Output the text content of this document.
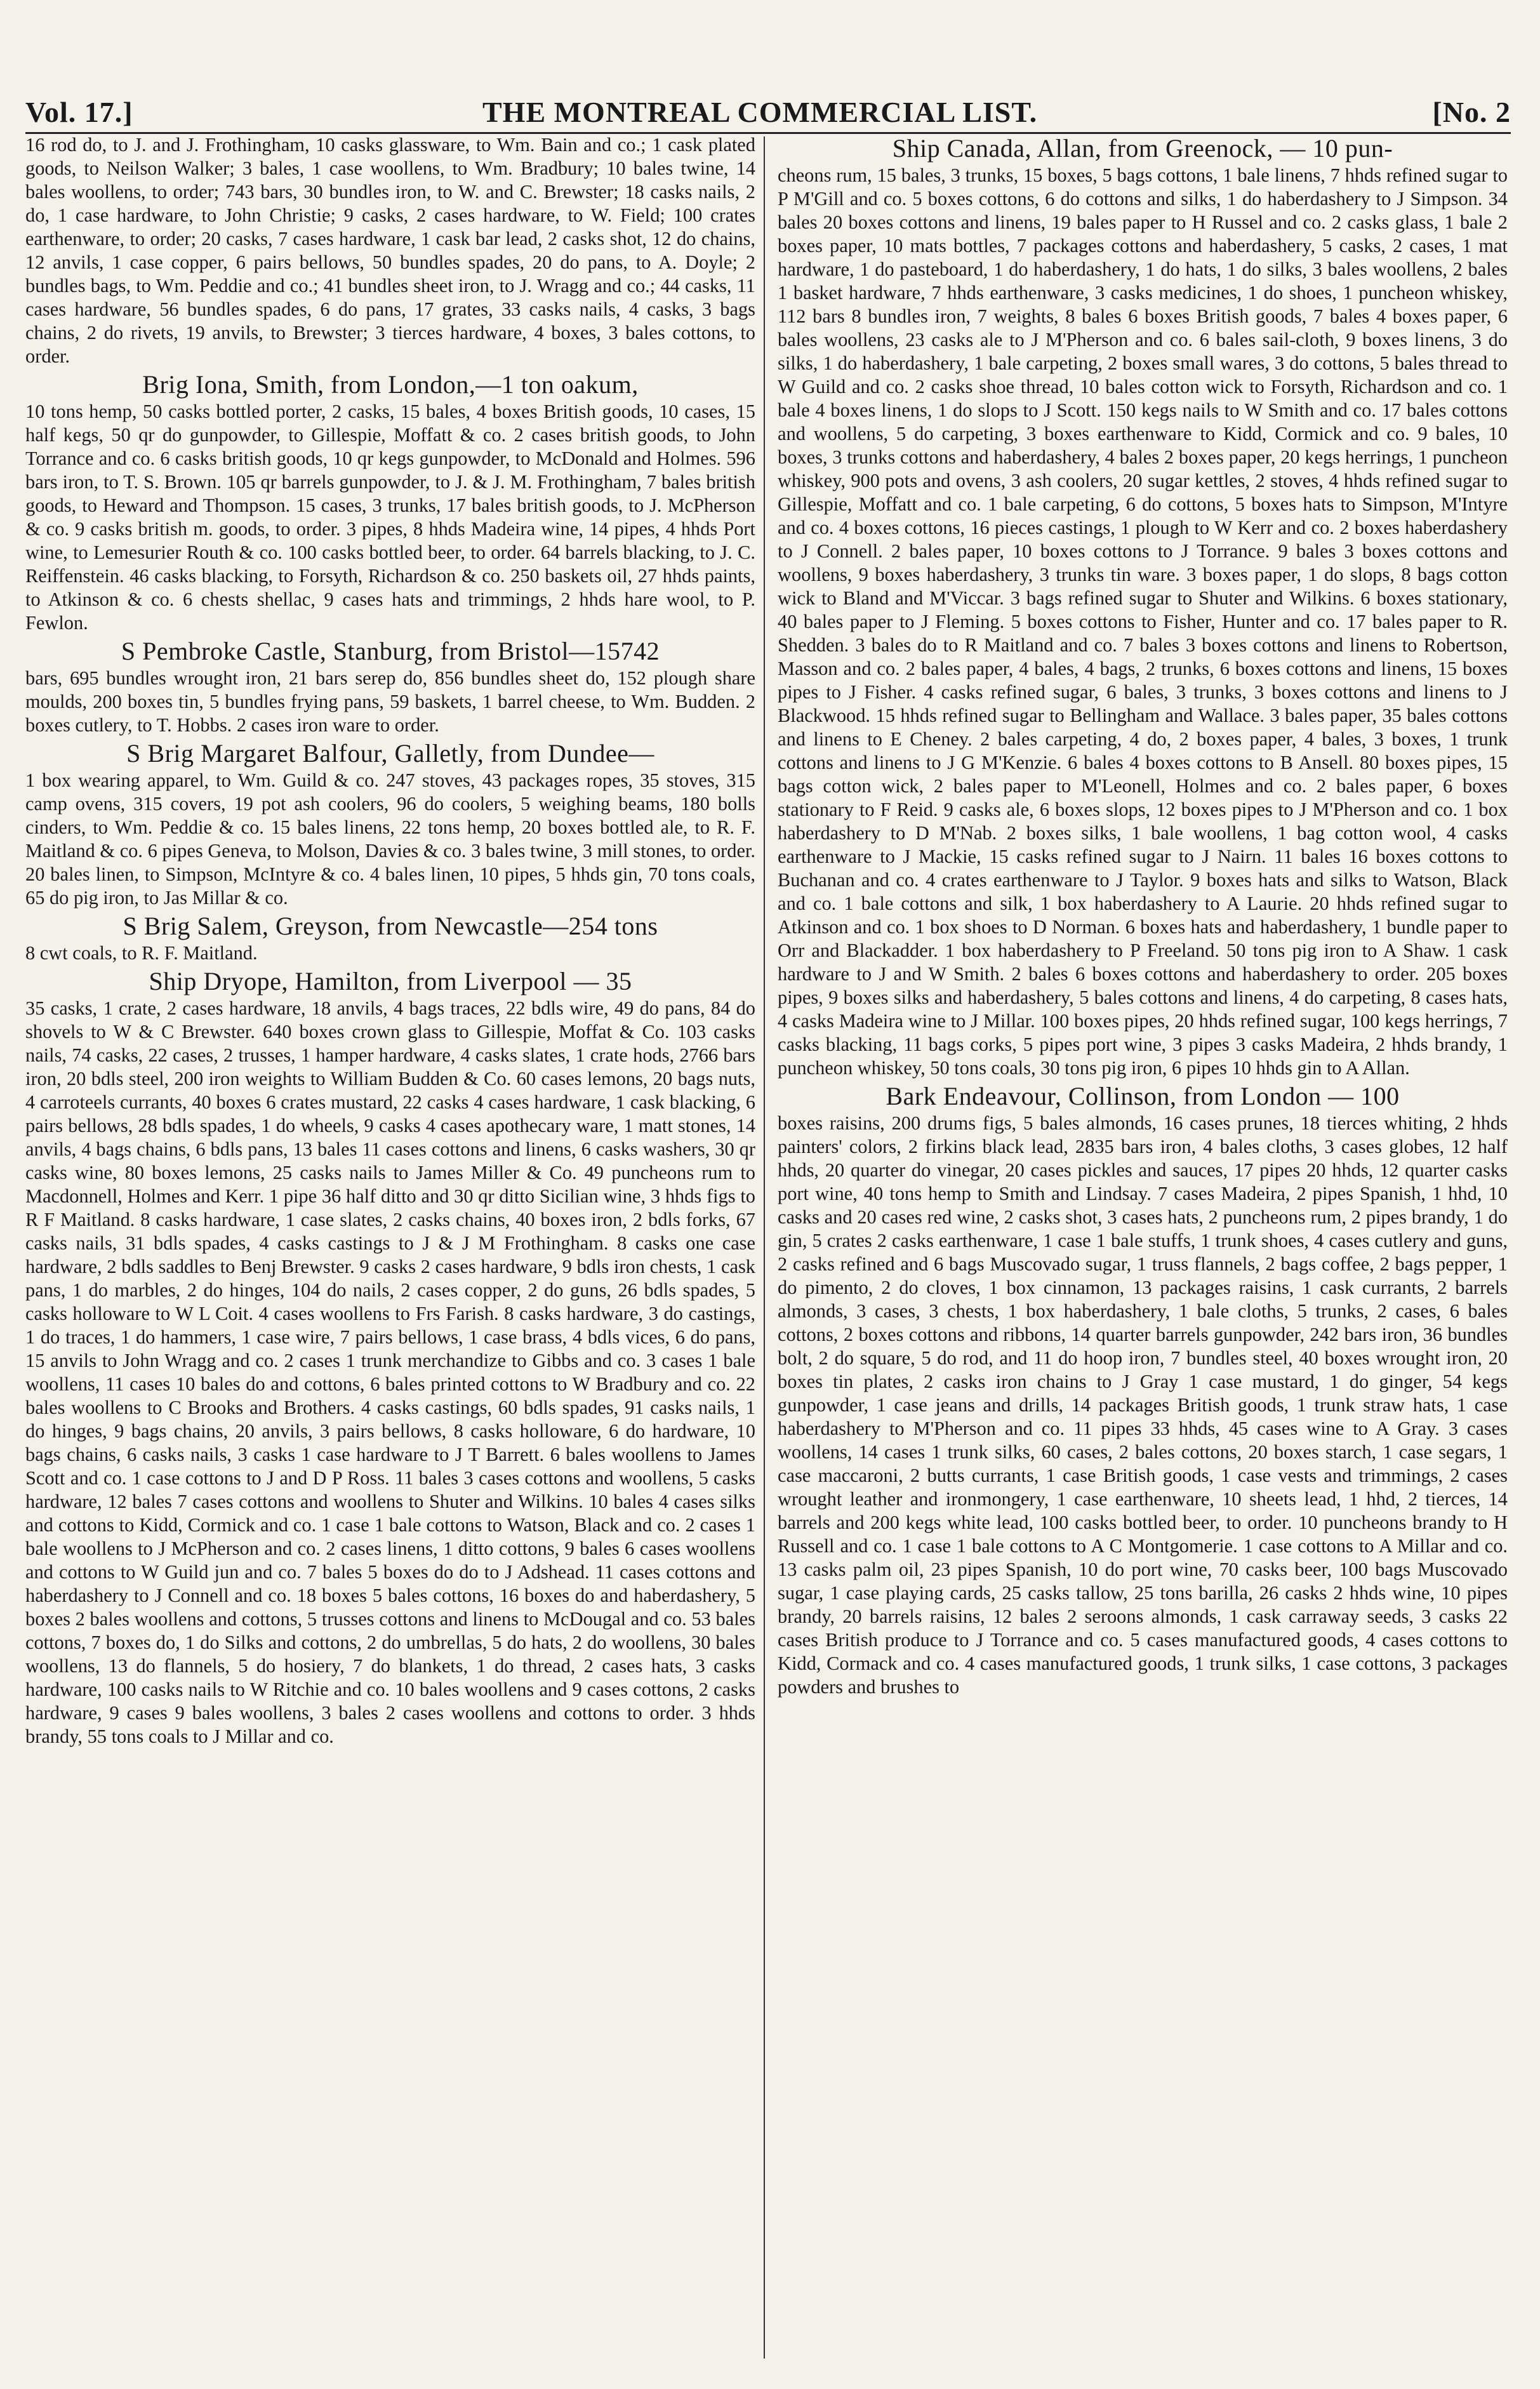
Vol. 17.]	THE MONTREAL COMMERCIAL LIST.	[No. 2

16 rod do, to J. and J. Frothingham, 10 casks glassware, to Wm. Bain and co.; 1 cask plated goods, to Neilson Walker; 3 bales, 1 case woollens, to Wm. Bradbury; 10 bales twine, 14 bales woollens, to order; 743 bars, 30 bundles iron, to W. and C. Brewster; 18 casks nails, 2 do, 1 case hardware, to John Christie; 9 casks, 2 cases hardware, to W. Field; 100 crates earthenware, to order; 20 casks, 7 cases hardware, 1 cask bar lead, 2 casks shot, 12 do chains, 12 anvils, 1 case copper, 6 pairs bellows, 50 bundles spades, 20 do pans, to A. Doyle; 2 bundles bags, to Wm. Peddie and co.; 41 bundles sheet iron, to J. Wragg and co.; 44 casks, 11 cases hardware, 56 bundles spades, 6 do pans, 17 grates, 33 casks nails, 4 casks, 3 bags chains, 2 do rivets, 19 anvils, to Brewster; 3 tierces hardware, 4 boxes, 3 bales cottons, to order.

Brig Iona, Smith, from London,—1 ton oakum,

10 tons hemp, 50 casks bottled porter, 2 casks, 15 bales, 4 boxes British goods, 10 cases, 15 half kegs, 50 qr do gunpowder, to Gillespie, Moffatt & co. 2 cases british goods, to John Torrance and co. 6 casks british goods, 10 qr kegs gunpowder, to McDonald and Holmes. 596 bars iron, to T. S. Brown. 105 qr barrels gunpowder, to J. & J. M. Frothingham, 7 bales british goods, to Heward and Thompson. 15 cases, 3 trunks, 17 bales british goods, to J. McPherson & co. 9 casks british m. goods, to order. 3 pipes, 8 hhds Madeira wine, 14 pipes, 4 hhds Port wine, to Lemesurier Routh & co. 100 casks bottled beer, to order. 64 barrels blacking, to J. C. Reiffenstein. 46 casks blacking, to Forsyth, Richardson & co. 250 baskets oil, 27 hhds paints, to Atkinson & co. 6 chests shellac, 9 cases hats and trimmings, 2 hhds hare wool, to P. Fewlon.

S Pembroke Castle, Stanburg, from Bristol—15742

bars, 695 bundles wrought iron, 21 bars serep do, 856 bundles sheet do, 152 plough share moulds, 200 boxes tin, 5 bundles frying pans, 59 baskets, 1 barrel cheese, to Wm. Budden. 2 boxes cutlery, to T. Hobbs. 2 cases iron ware to order.

S Brig Margaret Balfour, Galletly, from Dundee—

1 box wearing apparel, to Wm. Guild & co. 247 stoves, 43 packages ropes, 35 stoves, 315 camp ovens, 315 covers, 19 pot ash coolers, 96 do coolers, 5 weighing beams, 180 bolls cinders, to Wm. Peddie & co. 15 bales linens, 22 tons hemp, 20 boxes bottled ale, to R. F. Maitland & co. 6 pipes Geneva, to Molson, Davies & co. 3 bales twine, 3 mill stones, to order. 20 bales linen, to Simpson, McIntyre & co. 4 bales linen, 10 pipes, 5 hhds gin, 70 tons coals, 65 do pig iron, to Jas Millar & co.

S Brig Salem, Greyson, from Newcastle—254 tons

8 cwt coals, to R. F. Maitland.

Ship Dryope, Hamilton, from Liverpool — 35

35 casks, 1 crate, 2 cases hardware, 18 anvils, 4 bags traces, 22 bdls wire, 49 do pans, 84 do shovels to W & C Brewster. 640 boxes crown glass to Gillespie, Moffat & Co. 103 casks nails, 74 casks, 22 cases, 2 trusses, 1 hamper hardware, 4 casks slates, 1 crate hods, 2766 bars iron, 20 bdls steel, 200 iron weights to William Budden & Co. 60 cases lemons, 20 bags nuts, 4 carroteels currants, 40 boxes 6 crates mustard, 22 casks 4 cases hardware, 1 cask blacking, 6 pairs bellows, 28 bdls spades, 1 do wheels, 9 casks 4 cases apothecary ware, 1 matt stones, 14 anvils, 4 bags chains, 6 bdls pans, 13 bales 11 cases cottons and linens, 6 casks washers, 30 qr casks wine, 80 boxes lemons, 25 casks nails to James Miller & Co. 49 puncheons rum to Macdonnell, Holmes and Kerr. 1 pipe 36 half ditto and 30 qr ditto Sicilian wine, 3 hhds figs to R F Maitland. 8 casks hardware, 1 case slates, 2 casks chains, 40 boxes iron, 2 bdls forks, 67 casks nails, 31 bdls spades, 4 casks castings to J & J M Frothingham. 8 casks one case hardware, 2 bdls saddles to Benj Brewster. 9 casks 2 cases hardware, 9 bdls iron chests, 1 cask pans, 1 do marbles, 2 do hinges, 104 do nails, 2 cases copper, 2 do guns, 26 bdls spades, 5 casks holloware to W L Coit. 4 cases woollens to Frs Farish. 8 casks hardware, 3 do castings, 1 do traces, 1 do hammers, 1 case wire, 7 pairs bellows, 1 case brass, 4 bdls vices, 6 do pans, 15 anvils to John Wragg and co. 2 cases 1 trunk merchandize to Gibbs and co. 3 cases 1 bale woollens, 11 cases 10 bales do and cottons, 6 bales printed cottons to W Bradbury and co. 22 bales woollens to C Brooks and Brothers. 4 casks castings, 60 bdls spades, 91 casks nails, 1 do hinges, 9 bags chains, 20 anvils, 3 pairs bellows, 8 casks holloware, 6 do hardware, 10 bags chains, 6 casks nails, 3 casks 1 case hardware to J T Barrett. 6 bales woollens to James Scott and co. 1 case cottons to J and D P Ross. 11 bales 3 cases cottons and woollens, 5 casks hardware, 12 bales 7 cases cottons and woollens to Shuter and Wilkins. 10 bales 4 cases silks and cottons to Kidd, Cormick and co. 1 case 1 bale cottons to Watson, Black and co. 2 cases 1 bale woollens to J McPherson and co. 2 cases linens, 1 ditto cottons, 9 bales 6 cases woollens and cottons to W Guild jun and co. 7 bales 5 boxes do do to J Adshead. 11 cases cottons and haberdashery to J Connell and co. 18 boxes 5 bales cottons, 16 boxes do and haberdashery, 5 boxes 2 bales woollens and cottons, 5 trusses cottons and linens to McDougal and co. 53 bales cottons, 7 boxes do, 1 do Silks and cottons, 2 do umbrellas, 5 do hats, 2 do woollens, 30 bales woollens, 13 do flannels, 5 do hosiery, 7 do blankets, 1 do thread, 2 cases hats, 3 casks hardware, 100 casks nails to W Ritchie and co. 10 bales woollens and 9 cases cottons, 2 casks hardware, 9 cases 9 bales woollens, 3 bales 2 cases woollens and cottons to order. 3 hhds brandy, 55 tons coals to J Millar and co.

Ship Canada, Allan, from Greenock, — 10 pun-

cheons rum, 15 bales, 3 trunks, 15 boxes, 5 bags cottons, 1 bale linens, 7 hhds refined sugar to P M'Gill and co. 5 boxes cottons, 6 do cottons and silks, 1 do haberdashery to J Simpson. 34 bales 20 boxes cottons and linens, 19 bales paper to H Russel and co. 2 casks glass, 1 bale 2 boxes paper, 10 mats bottles, 7 packages cottons and haberdashery, 5 casks, 2 cases, 1 mat hardware, 1 do pasteboard, 1 do haberdashery, 1 do hats, 1 do silks, 3 bales woollens, 2 bales 1 basket hardware, 7 hhds earthenware, 3 casks medicines, 1 do shoes, 1 puncheon whiskey, 112 bars 8 bundles iron, 7 weights, 8 bales 6 boxes British goods, 7 bales 4 boxes paper, 6 bales woollens, 23 casks ale to J M'Pherson and co. 6 bales sail-cloth, 9 boxes linens, 3 do silks, 1 do haberdashery, 1 bale carpeting, 2 boxes small wares, 3 do cottons, 5 bales thread to W Guild and co. 2 casks shoe thread, 10 bales cotton wick to Forsyth, Richardson and co. 1 bale 4 boxes linens, 1 do slops to J Scott. 150 kegs nails to W Smith and co. 17 bales cottons and woollens, 5 do carpeting, 3 boxes earthenware to Kidd, Cormick and co. 9 bales, 10 boxes, 3 trunks cottons and haberdashery, 4 bales 2 boxes paper, 20 kegs herrings, 1 puncheon whiskey, 900 pots and ovens, 3 ash coolers, 20 sugar kettles, 2 stoves, 4 hhds refined sugar to Gillespie, Moffatt and co. 1 bale carpeting, 6 do cottons, 5 boxes hats to Simpson, M'Intyre and co. 4 boxes cottons, 16 pieces castings, 1 plough to W Kerr and co. 2 boxes haberdashery to J Connell. 2 bales paper, 10 boxes cottons to J Torrance. 9 bales 3 boxes cottons and woollens, 9 boxes haberdashery, 3 trunks tin ware. 3 boxes paper, 1 do slops, 8 bags cotton wick to Bland and M'Viccar. 3 bags refined sugar to Shuter and Wilkins. 6 boxes stationary, 40 bales paper to J Fleming. 5 boxes cottons to Fisher, Hunter and co. 17 bales paper to R. Shedden. 3 bales do to R Maitland and co. 7 bales 3 boxes cottons and linens to Robertson, Masson and co. 2 bales paper, 4 bales, 4 bags, 2 trunks, 6 boxes cottons and linens, 15 boxes pipes to J Fisher. 4 casks refined sugar, 6 bales, 3 trunks, 3 boxes cottons and linens to J Blackwood. 15 hhds refined sugar to Bellingham and Wallace. 3 bales paper, 35 bales cottons and linens to E Cheney. 2 bales carpeting, 4 do, 2 boxes paper, 4 bales, 3 boxes, 1 trunk cottons and linens to J G M'Kenzie. 6 bales 4 boxes cottons to B Ansell. 80 boxes pipes, 15 bags cotton wick, 2 bales paper to M'Leonell, Holmes and co. 2 bales paper, 6 boxes stationary to F Reid. 9 casks ale, 6 boxes slops, 12 boxes pipes to J M'Pherson and co. 1 box haberdashery to D M'Nab. 2 boxes silks, 1 bale woollens, 1 bag cotton wool, 4 casks earthenware to J Mackie, 15 casks refined sugar to J Nairn. 11 bales 16 boxes cottons to Buchanan and co. 4 crates earthenware to J Taylor. 9 boxes hats and silks to Watson, Black and co. 1 bale cottons and silk, 1 box haberdashery to A Laurie. 20 hhds refined sugar to Atkinson and co. 1 box shoes to D Norman. 6 boxes hats and haberdashery, 1 bundle paper to Orr and Blackadder. 1 box haberdashery to P Freeland. 50 tons pig iron to A Shaw. 1 cask hardware to J and W Smith. 2 bales 6 boxes cottons and haberdashery to order. 205 boxes pipes, 9 boxes silks and haberdashery, 5 bales cottons and linens, 4 do carpeting, 8 cases hats, 4 casks Madeira wine to J Millar. 100 boxes pipes, 20 hhds refined sugar, 100 kegs herrings, 7 casks blacking, 11 bags corks, 5 pipes port wine, 3 pipes 3 casks Madeira, 2 hhds brandy, 1 puncheon whiskey, 50 tons coals, 30 tons pig iron, 6 pipes 10 hhds gin to A Allan.

Bark Endeavour, Collinson, from London — 100

boxes raisins, 200 drums figs, 5 bales almonds, 16 cases prunes, 18 tierces whiting, 2 hhds painters' colors, 2 firkins black lead, 2835 bars iron, 4 bales cloths, 3 cases globes, 12 half hhds, 20 quarter do vinegar, 20 cases pickles and sauces, 17 pipes 20 hhds, 12 quarter casks port wine, 40 tons hemp to Smith and Lindsay. 7 cases Madeira, 2 pipes Spanish, 1 hhd, 10 casks and 20 cases red wine, 2 casks shot, 3 cases hats, 2 puncheons rum, 2 pipes brandy, 1 do gin, 5 crates 2 casks earthenware, 1 case 1 bale stuffs, 1 trunk shoes, 4 cases cutlery and guns, 2 casks refined and 6 bags Muscovado sugar, 1 truss flannels, 2 bags coffee, 2 bags pepper, 1 do pimento, 2 do cloves, 1 box cinnamon, 13 packages raisins, 1 cask currants, 2 barrels almonds, 3 cases, 3 chests, 1 box haberdashery, 1 bale cloths, 5 trunks, 2 cases, 6 bales cottons, 2 boxes cottons and ribbons, 14 quarter barrels gunpowder, 242 bars iron, 36 bundles bolt, 2 do square, 5 do rod, and 11 do hoop iron, 7 bundles steel, 40 boxes wrought iron, 20 boxes tin plates, 2 casks iron chains to J Gray 1 case mustard, 1 do ginger, 54 kegs gunpowder, 1 case jeans and drills, 14 packages British goods, 1 trunk straw hats, 1 case haberdashery to M'Pherson and co. 11 pipes 33 hhds, 45 cases wine to A Gray. 3 cases woollens, 14 cases 1 trunk silks, 60 cases, 2 bales cottons, 20 boxes starch, 1 case segars, 1 case maccaroni, 2 butts currants, 1 case British goods, 1 case vests and trimmings, 2 cases wrought leather and ironmongery, 1 case earthenware, 10 sheets lead, 1 hhd, 2 tierces, 14 barrels and 200 kegs white lead, 100 casks bottled beer, to order. 10 puncheons brandy to H Russell and co. 1 case 1 bale cottons to A C Montgomerie. 1 case cottons to A Millar and co. 13 casks palm oil, 23 pipes Spanish, 10 do port wine, 70 casks beer, 100 bags Muscovado sugar, 1 case playing cards, 25 casks tallow, 25 tons barilla, 26 casks 2 hhds wine, 10 pipes brandy, 20 barrels raisins, 12 bales 2 seroons almonds, 1 cask carraway seeds, 3 casks 22 cases British produce to J Torrance and co. 5 cases manufactured goods, 4 cases cottons to Kidd, Cormack and co. 4 cases manufactured goods, 1 trunk silks, 1 case cottons, 3 packages powders and brushes to
